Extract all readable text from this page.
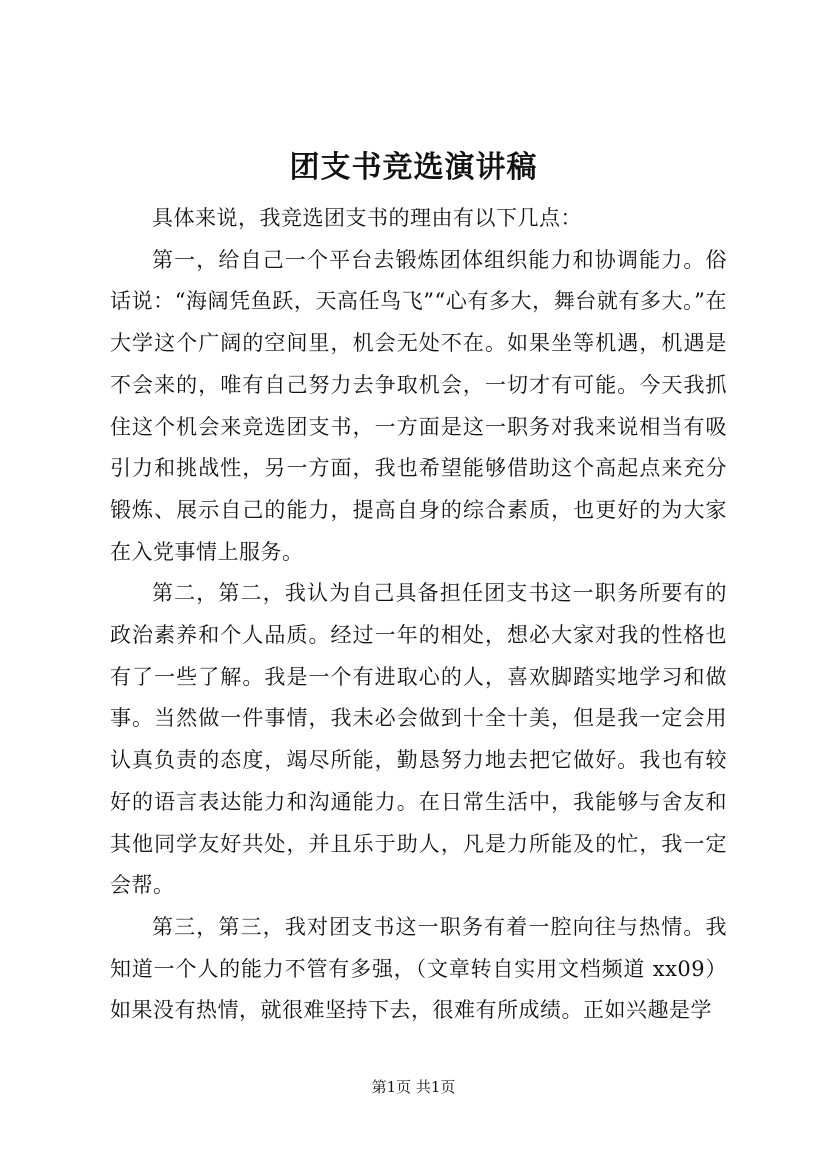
团支书竞选演讲稿

具体来说，我竞选团支书的理由有以下几点：

第一，给自己一个平台去锻炼团体组织能力和协调能力。俗话说：“海阔凭鱼跃，天高任鸟飞”“心有多大，舞台就有多大。”在大学这个广阔的空间里，机会无处不在。如果坐等机遇，机遇是不会来的，唯有自己努力去争取机会，一切才有可能。今天我抓住这个机会来竞选团支书，一方面是这一职务对我来说相当有吸引力和挑战性，另一方面，我也希望能够借助这个高起点来充分锻炼、展示自己的能力，提高自身的综合素质，也更好的为大家在入党事情上服务。

第二，第二，我认为自己具备担任团支书这一职务所要有的政治素养和个人品质。经过一年的相处，想必大家对我的性格也有了一些了解。我是一个有进取心的人，喜欢脚踏实地学习和做事。当然做一件事情，我未必会做到十全十美，但是我一定会用认真负责的态度，竭尽所能，勤恳努力地去把它做好。我也有较好的语言表达能力和沟通能力。在日常生活中，我能够与舍友和其他同学友好共处，并且乐于助人，凡是力所能及的忙，我一定会帮。

第三，第三，我对团支书这一职务有着一腔向往与热情。我知道一个人的能力不管有多强，（文章转自实用文档频道 xx09）如果没有热情，就很难坚持下去，很难有所成绩。正如兴趣是学

第1页 共1页
